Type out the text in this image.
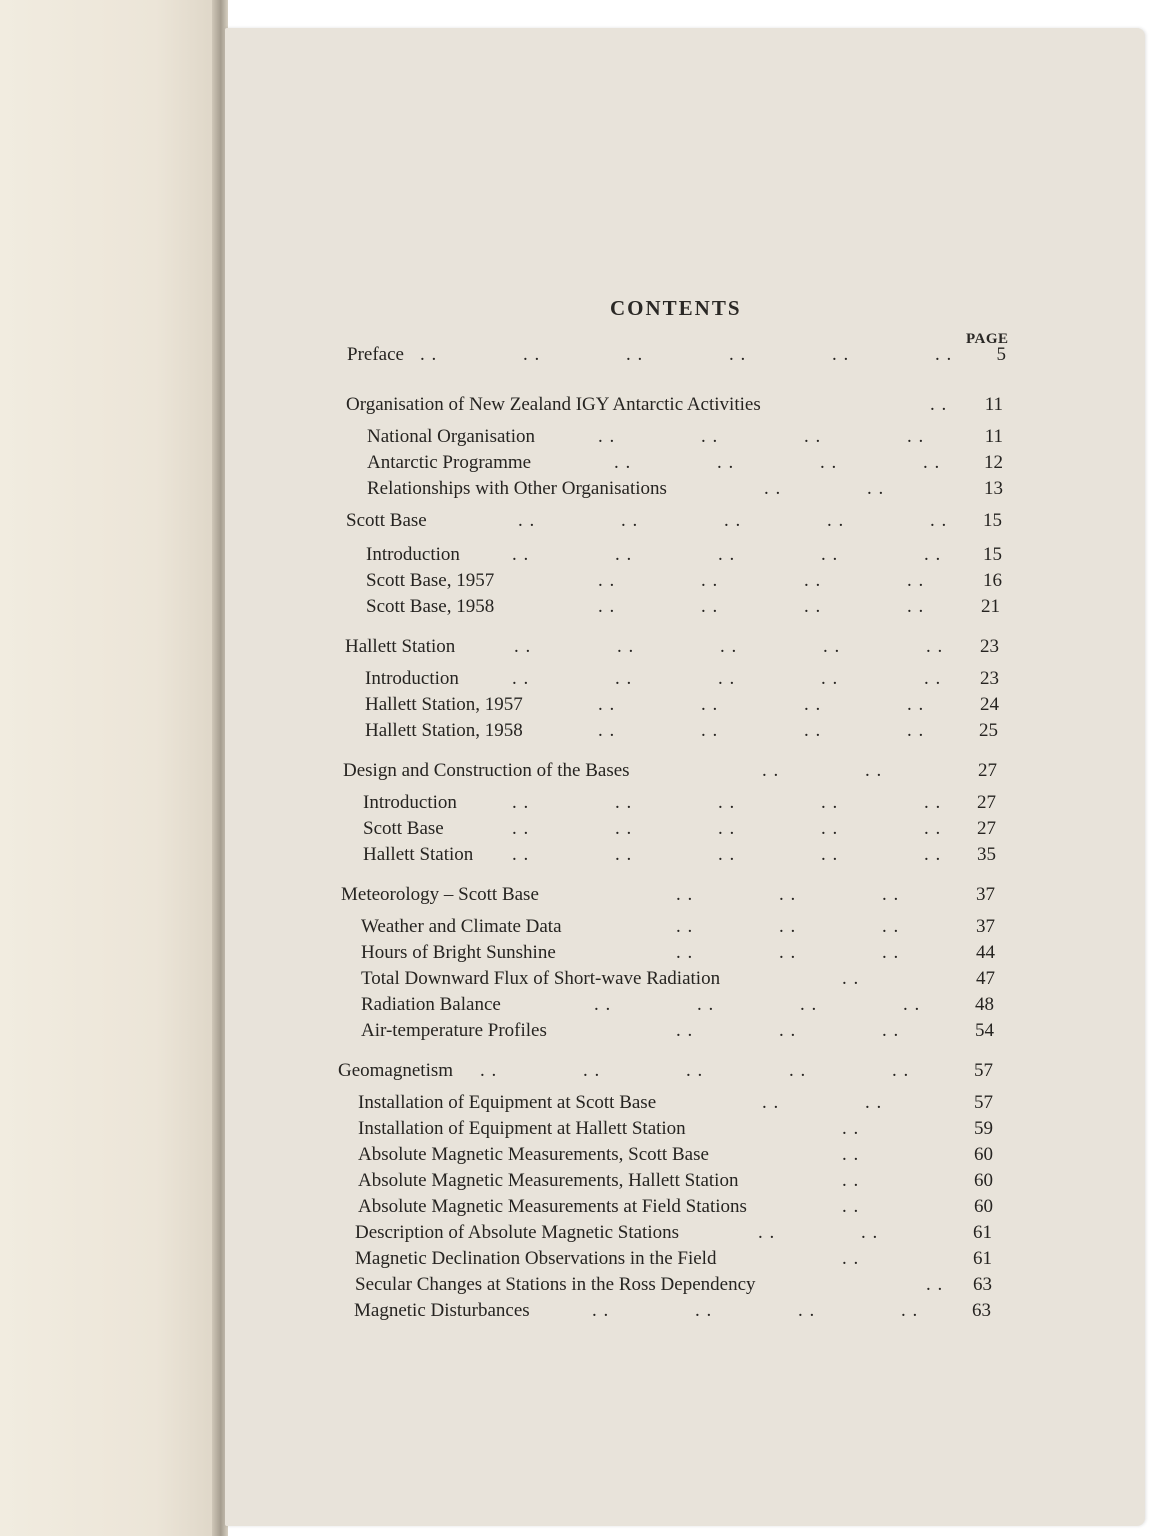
CONTENTS
PAGE
Preface . .     . .     . .     . .     . .     . .	5
Organisation of New Zealand IGY Antarctic Activities	. .	11
National Organisation	. .     . .     . .     . .	11
Antarctic Programme	. .     . .     . .     . .	12
Relationships with Other Organisations	. .     . .	13
Scott Base	. .     . .     . .     . .     . .	15
Introduction	. .     . .     . .     . .     . .	15
Scott Base, 1957	. .     . .     . .     . .	16
Scott Base, 1958	. .     . .     . .     . .	21
Hallett Station	. .     . .     . .     . .     . .	23
Introduction	. .     . .     . .     . .     . .	23
Hallett Station, 1957	. .     . .     . .     . .	24
Hallett Station, 1958	. .     . .     . .     . .	25
Design and Construction of the Bases	. .     . .	27
Introduction	. .     . .     . .     . .     . .	27
Scott Base	. .     . .     . .     . .     . .	27
Hallett Station . .     . .     . .     . .     . .	35
Meteorology – Scott Base	. .     . .     . .	37
Weather and Climate Data	. .     . .     . .	37
Hours of Bright Sunshine	. .     . .     . .	44
Total Downward Flux of Short-wave Radiation	. .	47
Radiation Balance	. .     . .     . .     . .	48
Air-temperature Profiles	. .     . .     . .	54
Geomagnetism . .     . .     . .     . .     . .	57
Installation of Equipment at Scott Base	. .     . .	57
Installation of Equipment at Hallett Station	. .	59
Absolute Magnetic Measurements, Scott Base	. .	60
Absolute Magnetic Measurements, Hallett Station	. .	60
Absolute Magnetic Measurements at Field Stations	. .	60
Description of Absolute Magnetic Stations	. .     . .	61
Magnetic Declination Observations in the Field	. .	61
Secular Changes at Stations in the Ross Dependency	. .	63
Magnetic Disturbances	. .     . .     . .     . .	63
